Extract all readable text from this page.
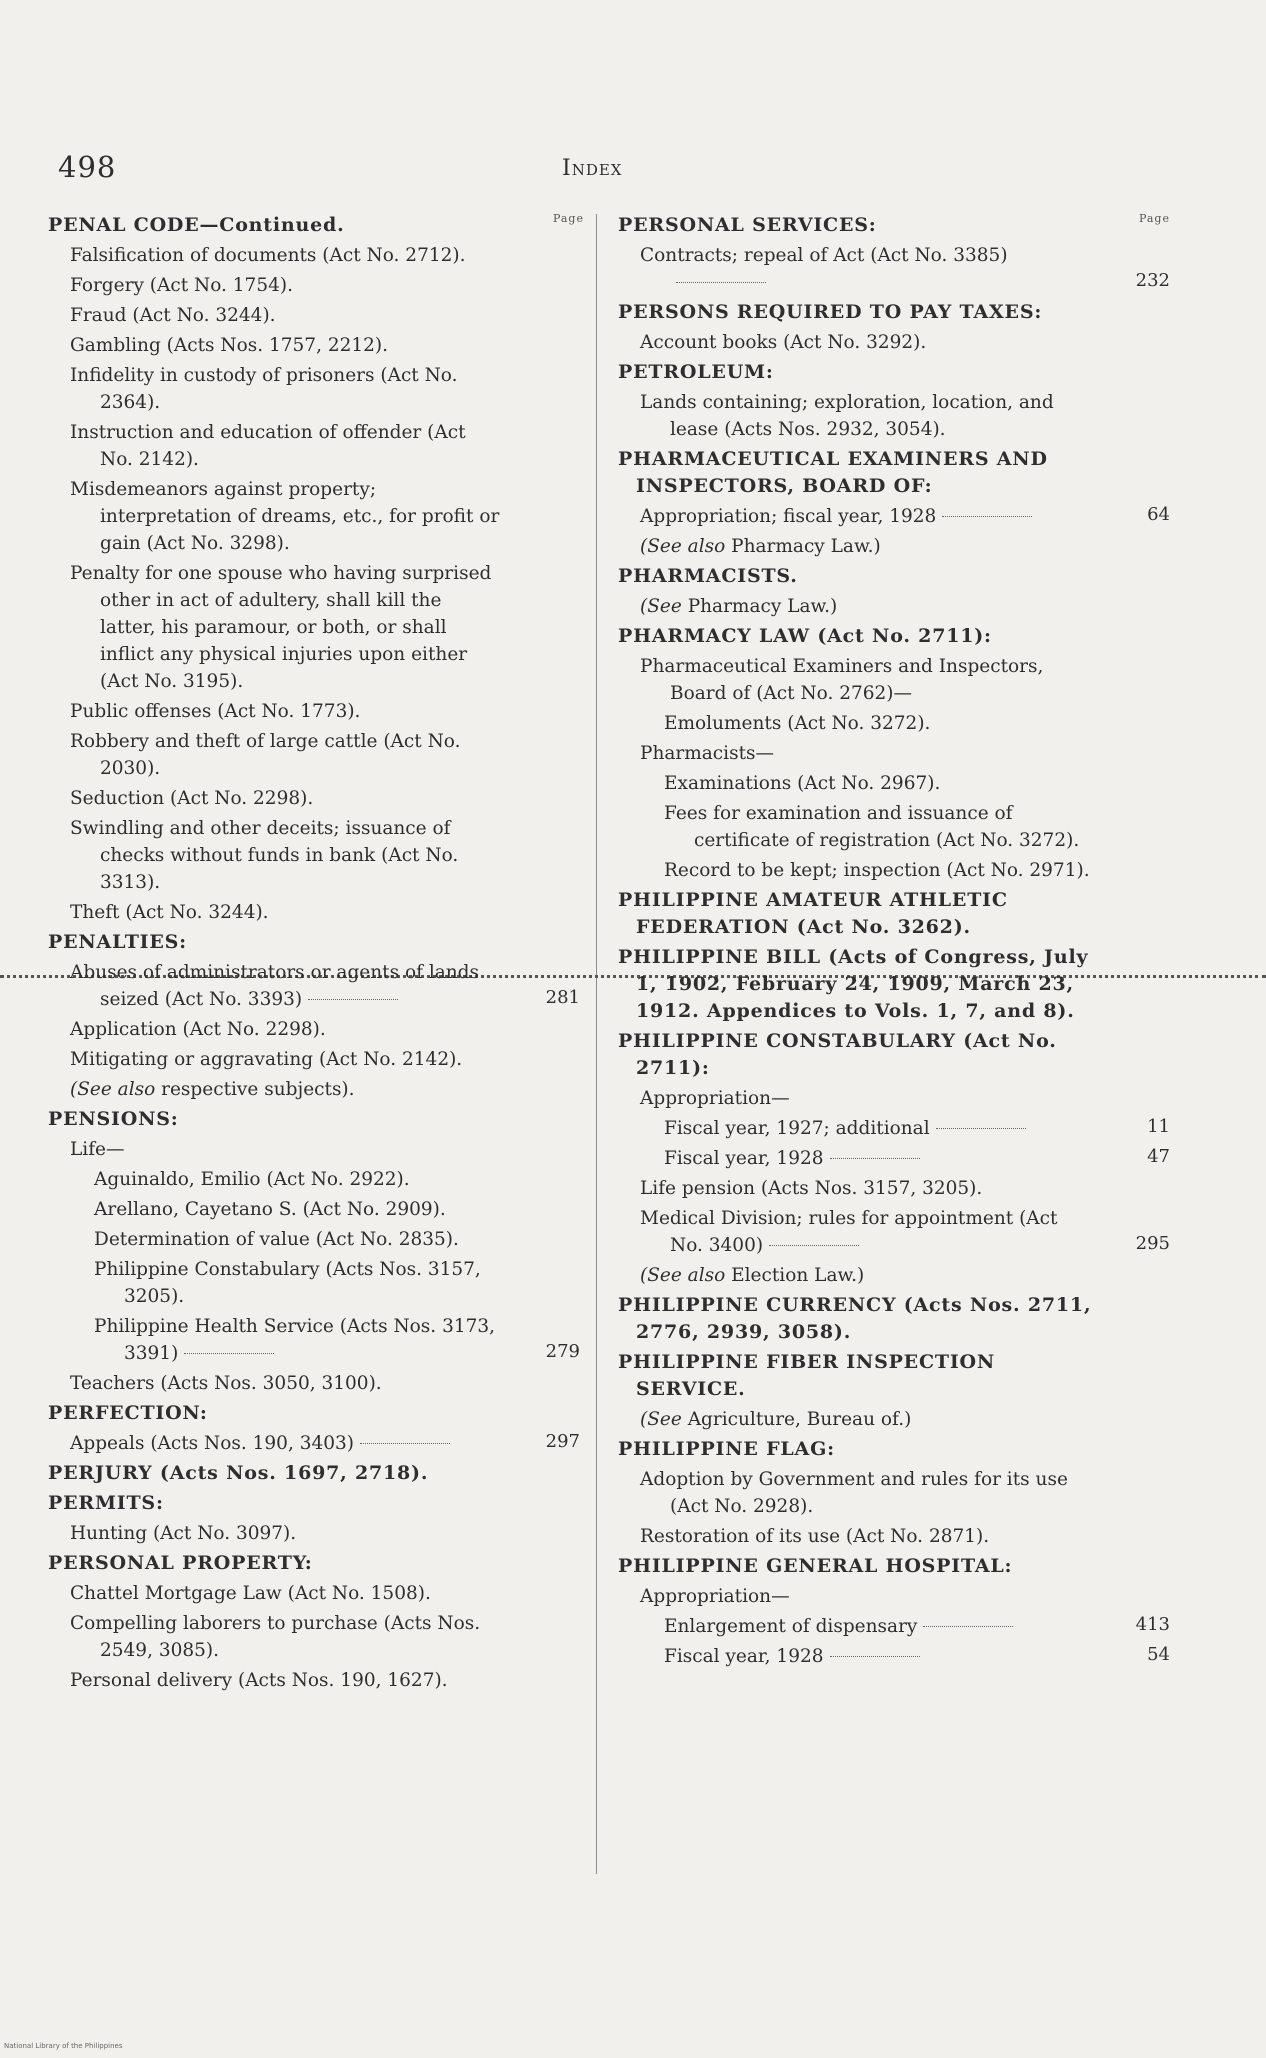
498	Index
Page
PENAL CODE—Continued.
Falsification of documents (Act No. 2712).
Forgery (Act No. 1754).
Fraud (Act No. 3244).
Gambling (Acts Nos. 1757, 2212).
Infidelity in custody of prisoners (Act No. 2364).
Instruction and education of offender (Act No. 2142).
Misdemeanors against property; interpretation of dreams, etc., for profit or gain (Act No. 3298).
Penalty for one spouse who having surprised other in act of adultery, shall kill the latter, his paramour, or both, or shall inflict any physical injuries upon either (Act No. 3195).
Public offenses (Act No. 1773).
Robbery and theft of large cattle (Act No. 2030).
Seduction (Act No. 2298).
Swindling and other deceits; issuance of checks without funds in bank (Act No. 3313).
Theft (Act No. 3244).
PENALTIES:
Abuses of administrators or agents of lands seized (Act No. 3393)	281
Application (Act No. 2298).
Mitigating or aggravating (Act No. 2142).
(See also respective subjects).
PENSIONS:
Life—
Aguinaldo, Emilio (Act No. 2922).
Arellano, Cayetano S. (Act No. 2909).
Determination of value (Act No. 2835).
Philippine Constabulary (Acts Nos. 3157, 3205).
Philippine Health Service (Acts Nos. 3173, 3391)	279
Teachers (Acts Nos. 3050, 3100).
PERFECTION:
Appeals (Acts Nos. 190, 3403)	297
PERJURY (Acts Nos. 1697, 2718).
PERMITS:
Hunting (Act No. 3097).
PERSONAL PROPERTY:
Chattel Mortgage Law (Act No. 1508).
Compelling laborers to purchase (Acts Nos. 2549, 3085).
Personal delivery (Acts Nos. 190, 1627).
Page
PERSONAL SERVICES:
Contracts; repeal of Act (Act No. 3385)
232
PERSONS REQUIRED TO PAY TAXES:
Account books (Act No. 3292).
PETROLEUM:
Lands containing; exploration, location, and lease (Acts Nos. 2932, 3054).
PHARMACEUTICAL EXAMINERS AND INSPECTORS, BOARD OF:
Appropriation; fiscal year, 1928	64
(See also Pharmacy Law.)
PHARMACISTS.
(See Pharmacy Law.)
PHARMACY LAW (Act No. 2711):
Pharmaceutical Examiners and Inspectors, Board of (Act No. 2762)—
Emoluments (Act No. 3272).
Pharmacists—
Examinations (Act No. 2967).
Fees for examination and issuance of certificate of registration (Act No. 3272).
Record to be kept; inspection (Act No. 2971).
PHILIPPINE AMATEUR ATHLETIC FEDERATION (Act No. 3262).
PHILIPPINE BILL (Acts of Congress, July 1, 1902, February 24, 1909, March 23, 1912. Appendices to Vols. 1, 7, and 8).
PHILIPPINE CONSTABULARY (Act No. 2711):
Appropriation—
Fiscal year, 1927; additional	11
Fiscal year, 1928	47
Life pension (Acts Nos. 3157, 3205).
Medical Division; rules for appointment (Act No. 3400)	295
(See also Election Law.)
PHILIPPINE CURRENCY (Acts Nos. 2711, 2776, 2939, 3058).
PHILIPPINE FIBER INSPECTION SERVICE.
(See Agriculture, Bureau of.)
PHILIPPINE FLAG:
Adoption by Government and rules for its use (Act No. 2928).
Restoration of its use (Act No. 2871).
PHILIPPINE GENERAL HOSPITAL:
Appropriation—
Enlargement of dispensary	413
Fiscal year, 1928	54
National Library of the Philippines
